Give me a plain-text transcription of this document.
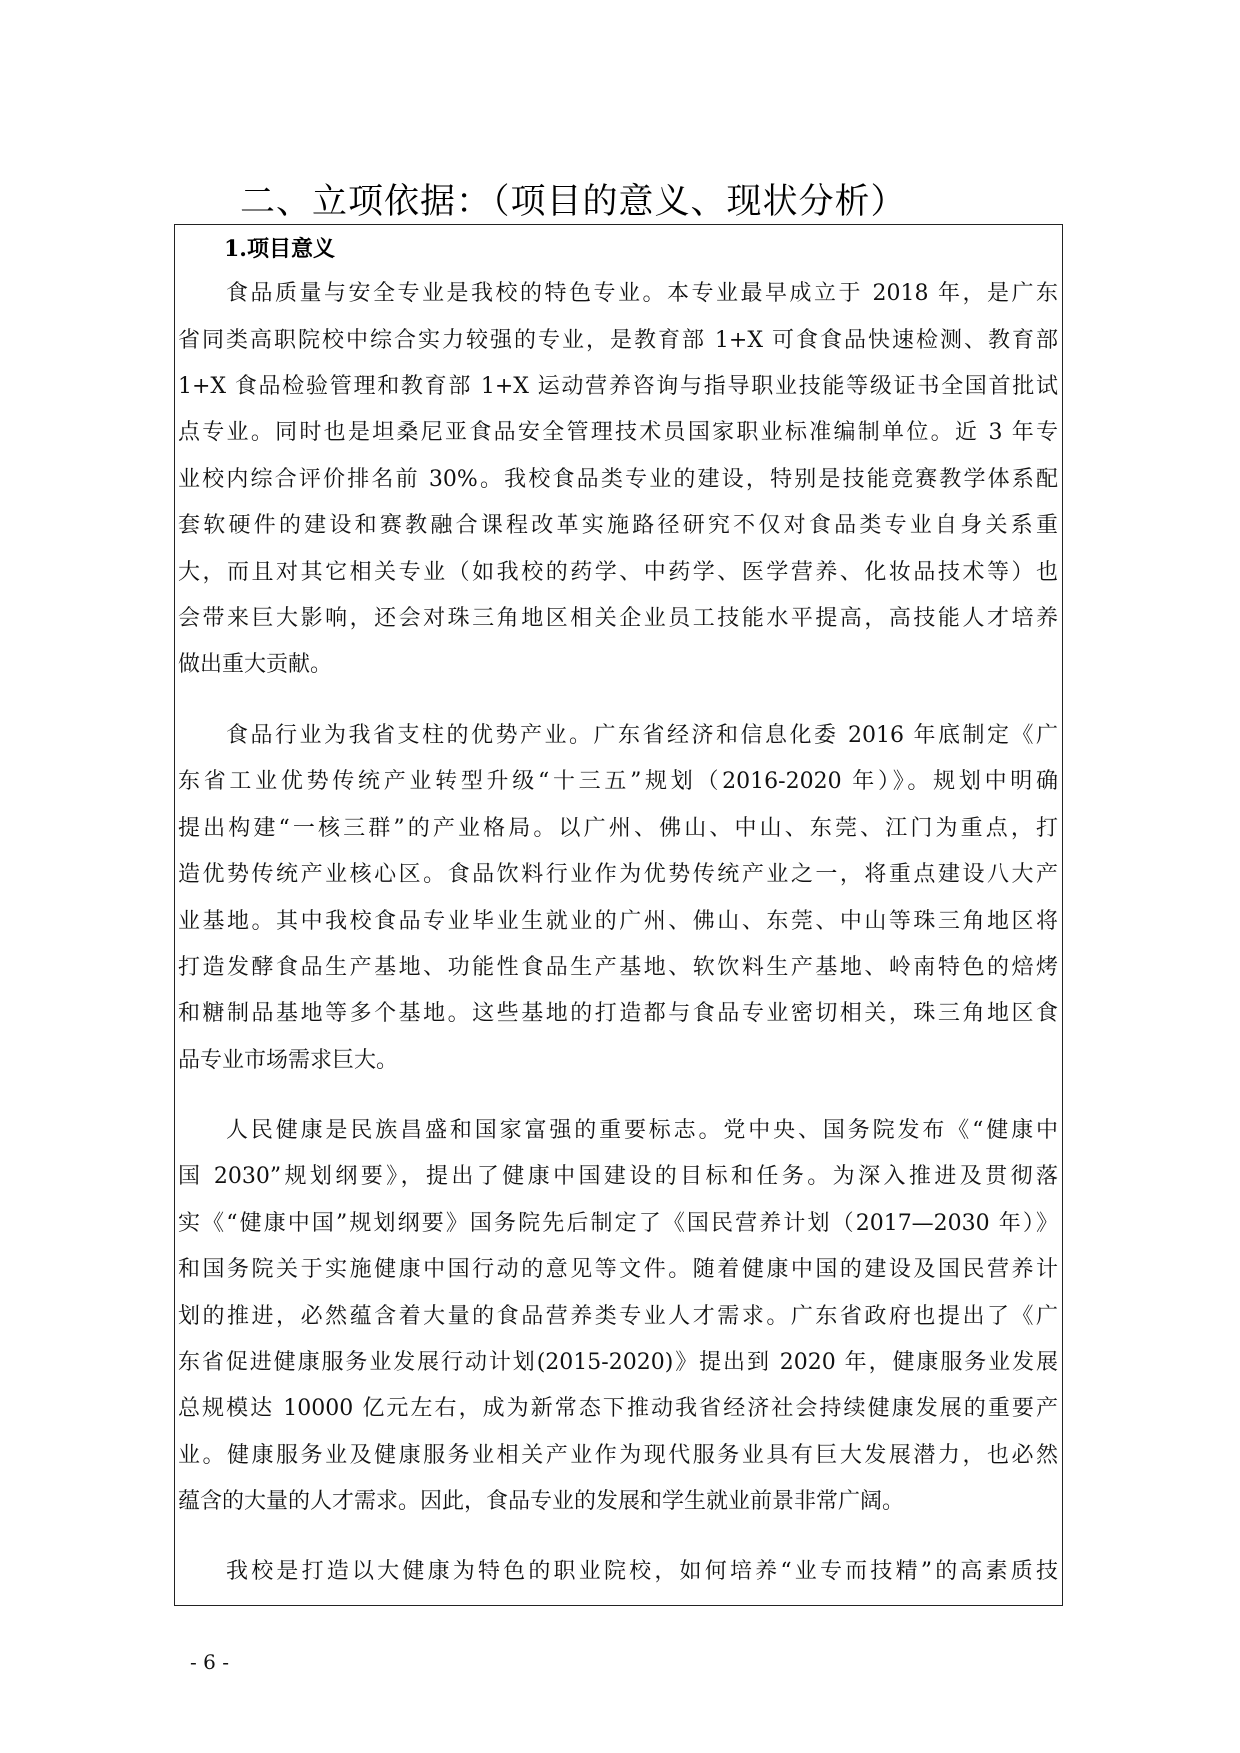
二、立项依据：（项目的意义、现状分析）
1.项目意义
食品质量与安全专业是我校的特色专业。本专业最早成立于 2018 年，是广东
省同类高职院校中综合实力较强的专业，是教育部 1+X 可食食品快速检测、教育部
1+X 食品检验管理和教育部 1+X 运动营养咨询与指导职业技能等级证书全国首批试
点专业。同时也是坦桑尼亚食品安全管理技术员国家职业标准编制单位。近 3 年专
业校内综合评价排名前 30%。我校食品类专业的建设，特别是技能竞赛教学体系配
套软硬件的建设和赛教融合课程改革实施路径研究不仅对食品类专业自身关系重
大，而且对其它相关专业（如我校的药学、中药学、医学营养、化妆品技术等）也
会带来巨大影响，还会对珠三角地区相关企业员工技能水平提高，高技能人才培养
做出重大贡献。
食品行业为我省支柱的优势产业。广东省经济和信息化委 2016 年底制定《广
东省工业优势传统产业转型升级“十三五”规划（2016-2020 年）》。规划中明确
提出构建“一核三群”的产业格局。以广州、佛山、中山、东莞、江门为重点，打
造优势传统产业核心区。食品饮料行业作为优势传统产业之一，将重点建设八大产
业基地。其中我校食品专业毕业生就业的广州、佛山、东莞、中山等珠三角地区将
打造发酵食品生产基地、功能性食品生产基地、软饮料生产基地、岭南特色的焙烤
和糖制品基地等多个基地。这些基地的打造都与食品专业密切相关，珠三角地区食
品专业市场需求巨大。
人民健康是民族昌盛和国家富强的重要标志。党中央、国务院发布《“健康中
国 2030”规划纲要》，提出了健康中国建设的目标和任务。为深入推进及贯彻落
实《“健康中国”规划纲要》国务院先后制定了《国民营养计划（2017—2030 年）》
和国务院关于实施健康中国行动的意见等文件。随着健康中国的建设及国民营养计
划的推进，必然蕴含着大量的食品营养类专业人才需求。广东省政府也提出了《广
东省促进健康服务业发展行动计划(2015-2020)》提出到 2020 年，健康服务业发展
总规模达 10000 亿元左右，成为新常态下推动我省经济社会持续健康发展的重要产
业。健康服务业及健康服务业相关产业作为现代服务业具有巨大发展潜力，也必然
蕴含的大量的人才需求。因此，食品专业的发展和学生就业前景非常广阔。
我校是打造以大健康为特色的职业院校，如何培养“业专而技精”的高素质技
- 6 -
